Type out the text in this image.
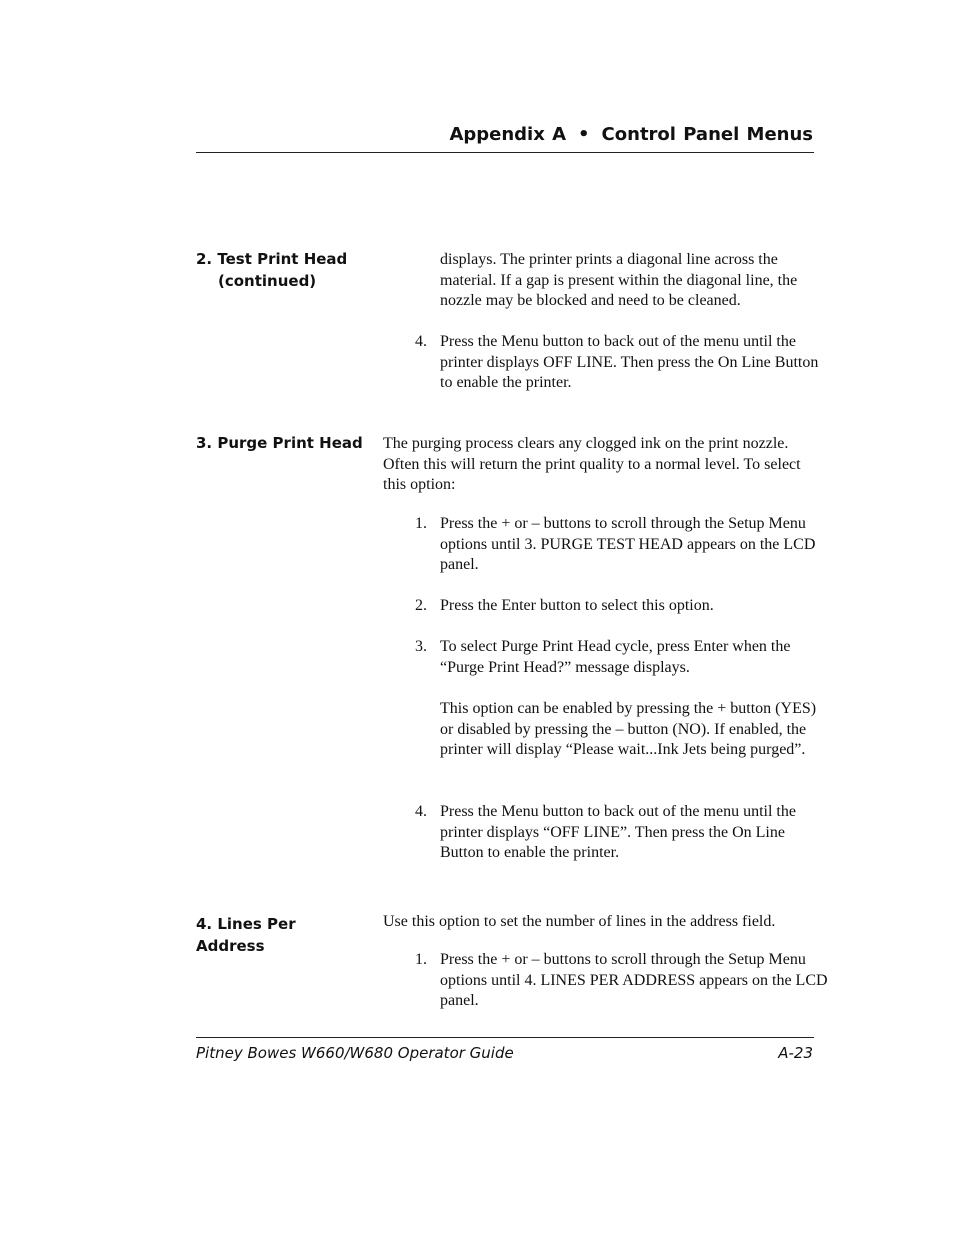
Appendix A • Control Panel Menus
2. Test Print Head
(continued)
displays. The printer prints a diagonal line across the material. If a gap is present within the diagonal line, the nozzle may be blocked and need to be cleaned.
4. Press the Menu button to back out of the menu until the printer displays OFF LINE. Then press the On Line Button to enable the printer.
3. Purge Print Head The purging process clears any clogged ink on the print nozzle. Often this will return the print quality to a normal level. To select this option:
1. Press the + or – buttons to scroll through the Setup Menu options until 3. PURGE TEST HEAD appears on the LCD panel.
2. Press the Enter button to select this option.
3. To select Purge Print Head cycle, press Enter when the “Purge Print Head?” message displays.
This option can be enabled by pressing the + button (YES) or disabled by pressing the – button (NO). If enabled, the printer will display “Please wait...Ink Jets being purged”.
4. Press the Menu button to back out of the menu until the printer displays “OFF LINE”. Then press the On Line Button to enable the printer.
4. Lines Per
Address
Use this option to set the number of lines in the address field.
1. Press the + or – buttons to scroll through the Setup Menu options until 4. LINES PER ADDRESS appears on the LCD panel.
Pitney Bowes W660/W680 Operator Guide	A-23
